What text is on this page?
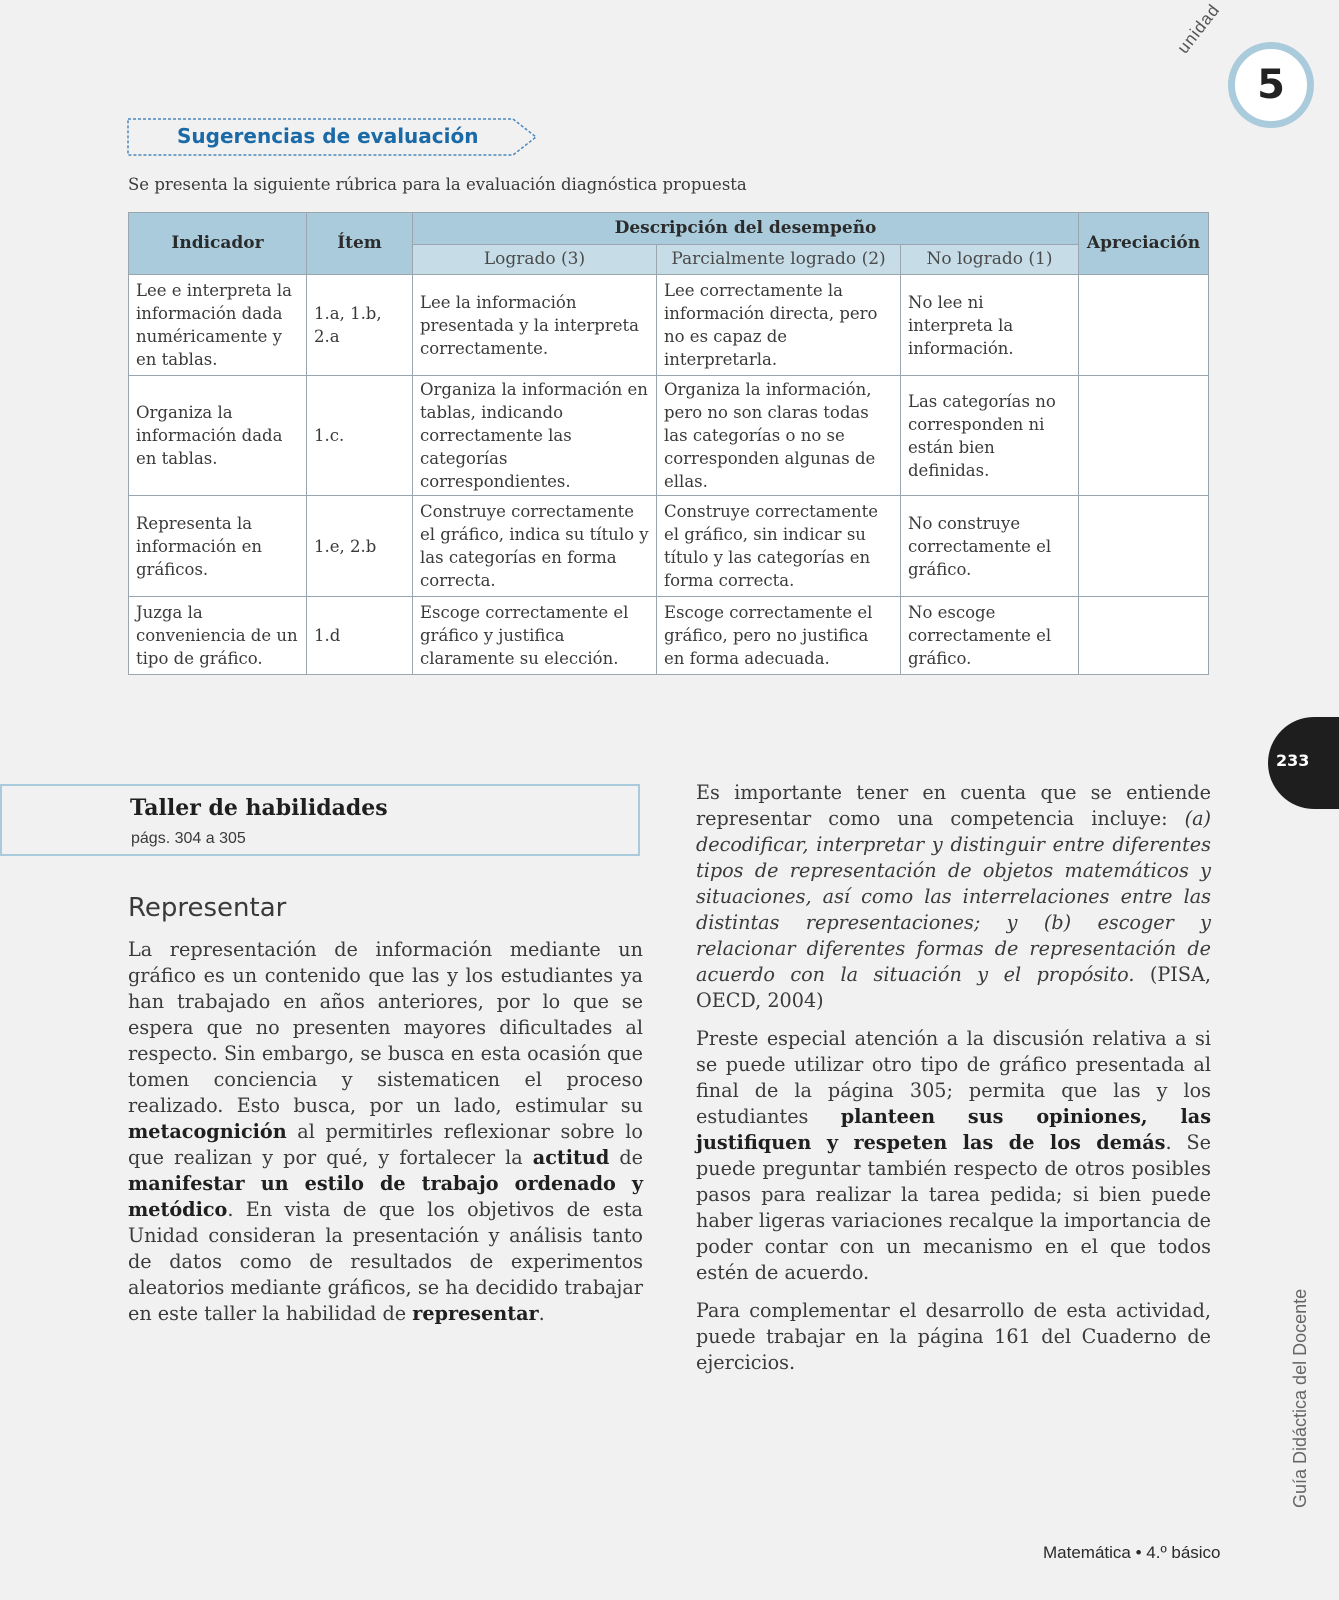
unidad
5
Sugerencias de evaluación
Se presenta la siguiente rúbrica para la evaluación diagnóstica propuesta
Indicador	Ítem	Descripción del desempeño			Apreciación
		Logrado (3)	Parcialmente logrado (2)	No logrado (1)	
Lee e interpreta la información dada numéricamente y en tablas.	1.a, 1.b, 2.a	Lee la información presentada y la interpreta correctamente.	Lee correctamente la información directa, pero no es capaz de interpretarla.	No lee ni interpreta la información.	
Organiza la información dada en tablas.	1.c.	Organiza la información en tablas, indicando correctamente las categorías correspondientes.	Organiza la información, pero no son claras todas las categorías o no se corresponden algunas de ellas.	Las categorías no corresponden ni están bien definidas.	
Representa la información en gráficos.	1.e, 2.b	Construye correctamente el gráfico, indica su título y las categorías en forma correcta.	Construye correctamente el gráfico, sin indicar su título y las categorías en forma correcta.	No construye correctamente el gráfico.	
Juzga la conveniencia de un tipo de gráfico.	1.d	Escoge correctamente el gráfico y justifica claramente su elección.	Escoge correctamente el gráfico, pero no justifica en forma adecuada.	No escoge correctamente el gráfico.	
233
Taller de habilidades
págs. 304 a 305
Representar

La representación de información mediante un gráfico es un contenido que las y los estudiantes ya han trabajado en años anteriores, por lo que se espera que no presenten mayores dificultades al respecto. Sin embargo, se busca en esta ocasión que tomen conciencia y sistematicen el proceso realizado. Esto busca, por un lado, estimular su metacognición al permitirles reflexionar sobre lo que realizan y por qué, y fortalecer la actitud de manifestar un estilo de trabajo ordenado y metódico. En vista de que los objetivos de esta Unidad consideran la presentación y análisis tanto de datos como de resultados de experimentos aleatorios mediante gráficos, se ha decidido trabajar en este taller la habilidad de representar.

Es importante tener en cuenta que se entiende representar como una competencia incluye: (a) decodificar, interpretar y distinguir entre diferentes tipos de representación de objetos matemáticos y situaciones, así como las interrelaciones entre las distintas representaciones; y (b) escoger y relacionar diferentes formas de representación de acuerdo con la situación y el propósito. (PISA, OECD, 2004)

Preste especial atención a la discusión relativa a si se puede utilizar otro tipo de gráfico presentada al final de la página 305; permita que las y los estudiantes planteen sus opiniones, las justifiquen y respeten las de los demás. Se puede preguntar también respecto de otros posibles pasos para realizar la tarea pedida; si bien puede haber ligeras variaciones recalque la importancia de poder contar con un mecanismo en el que todos estén de acuerdo.

Para complementar el desarrollo de esta actividad, puede trabajar en la página 161 del Cuaderno de ejercicios.	Guía Didáctica del Docente
Matemática • 4.º básico
